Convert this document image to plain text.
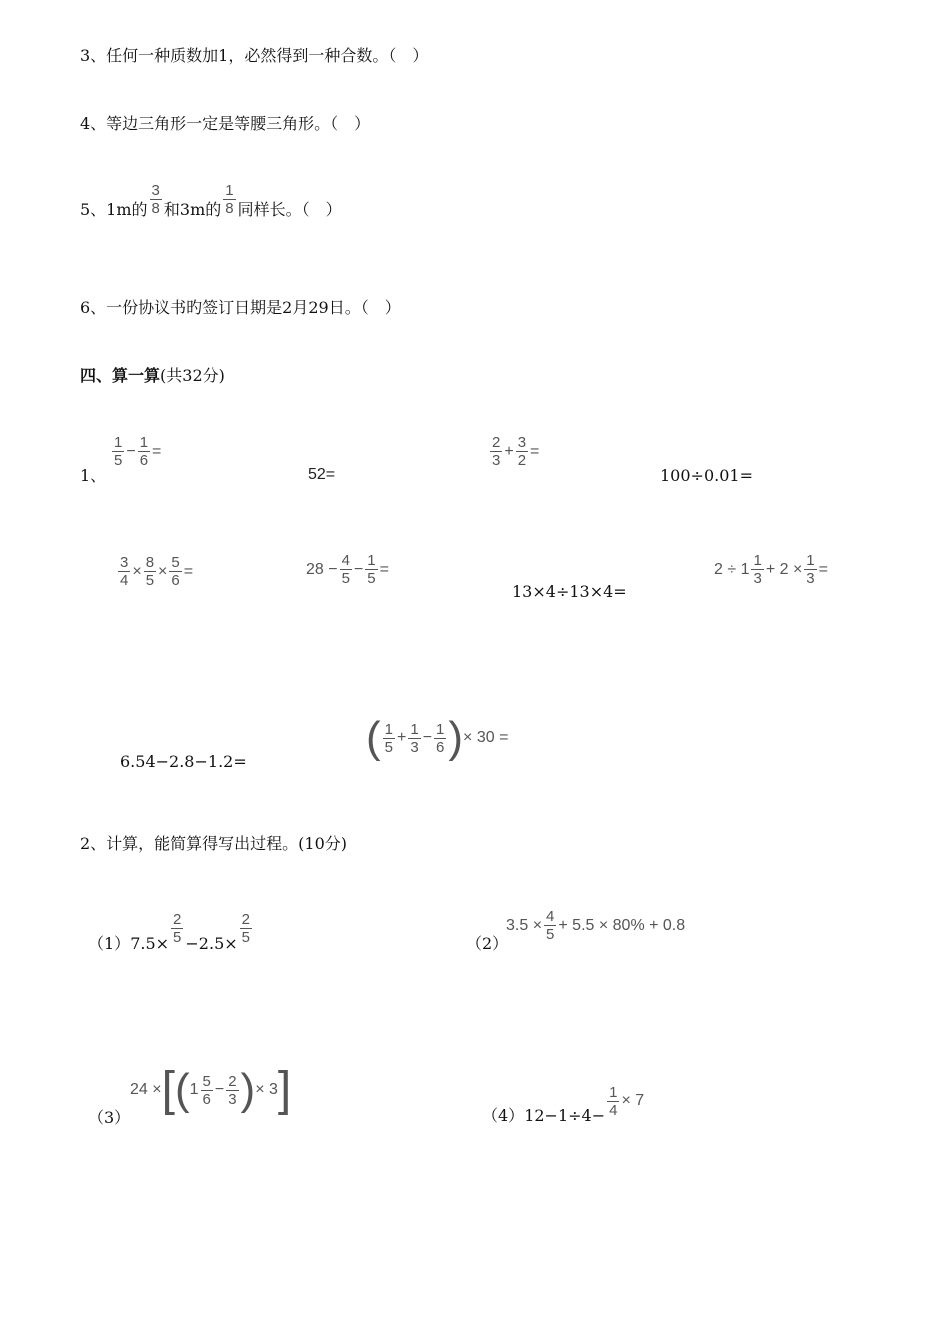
3、任何一种质数加1，必然得到一种合数。（　）
4、等边三角形一定是等腰三角形。（　）
5、1m的 $\frac{3}{8}$ 和3m的 $\frac{1}{8}$ 同样长。（　）
6、一份协议书旳签订日期是2月29日。（　）
四、算一算(共32分)
1、
$\frac{1}{5} - \frac{1}{6}$ =
52=
$\frac{2}{3} + \frac{3}{2}$ =
100÷0.01=
$\frac{3}{4} \times \frac{8}{5} \times \frac{5}{6}$ =	$28 - \frac{4}{5} - \frac{1}{5}$ =
13×4÷13×4=
$2 \div 1 \frac{1}{3} + 2 \times \frac{1}{3}$ =
6.54−2.8−1.2=	( $\frac{1}{5} + \frac{1}{3} - \frac{1}{6}$ ) × 30 =
2、计算，能简算得写出过程。(10分)
（1） $7.5\times \frac{2}{5} -2.5\times \frac{2}{5}$	（2）
$3.5 \times \frac{4}{5} + 5.5 \times 80\% + 0.8$
（3）
24 × [ ( $1 \frac{5}{6} - \frac{2}{3}$ ) × 3 ]	（4） $12-1\div 4- \frac{1}{4} \times 7$
